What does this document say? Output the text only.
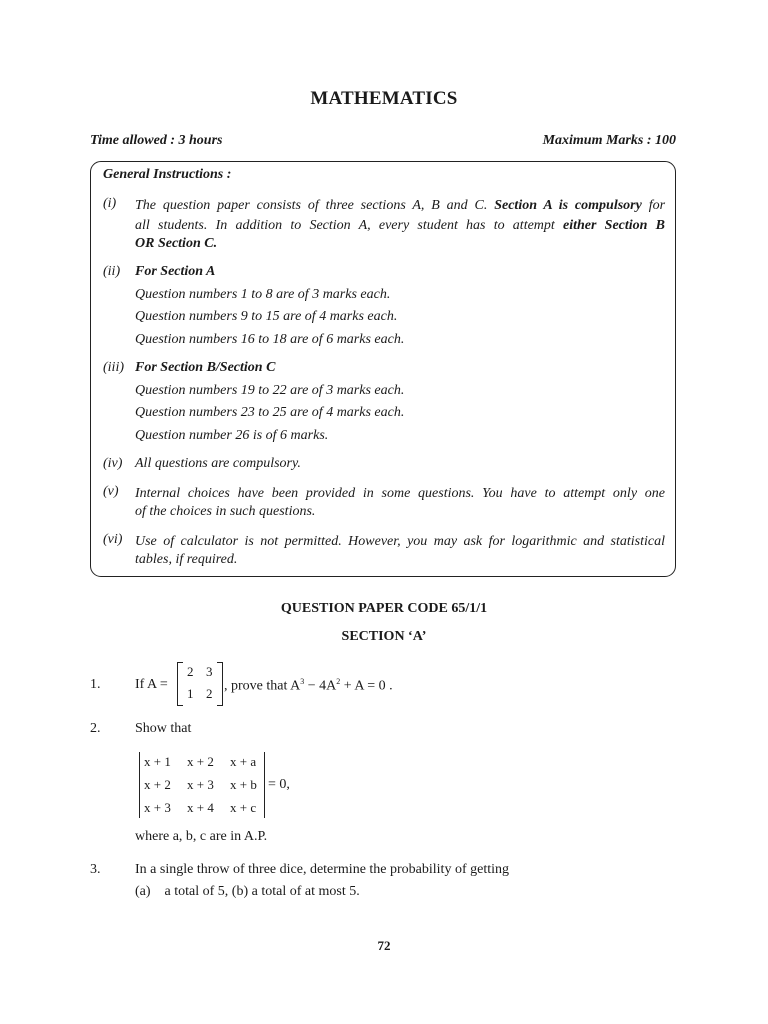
MATHEMATICS
Time allowed : 3 hours	Maximum Marks : 100
General Instructions :
(i) The question paper consists of three sections A, B and C. Section A is compulsory for
all students. In addition to Section A, every student has to attempt either Section B
OR Section C.
(ii) For Section A
Question numbers 1 to 8 are of 3 marks each.
Question numbers 9 to 15 are of 4 marks each.
Question numbers 16 to 18 are of 6 marks each.
(iii) For Section B/Section C
Question numbers 19 to 22 are of 3 marks each.
Question numbers 23 to 25 are of 4 marks each.
Question number 26 is of 6 marks.
(iv) All questions are compulsory.
(v) Internal choices have been provided in some questions. You have to attempt only one
of the choices in such questions.
(vi) Use of calculator is not permitted. However, you may ask for logarithmic and statistical
tables, if required.
QUESTION PAPER CODE 65/1/1
SECTION ‘A’
1. If A =
2 3
1 2 , prove that $A^3 - 4A^2 + A = 0$ .
2. Show that
x + 1 x + 2 x + a
x + 2 x + 3 x + b
x + 3 x + 4 x + c
= 0,
where a, b, c are in A.P.
3. In a single throw of three dice, determine the probability of getting
(a)    a total of 5, (b) a total of at most 5.
72
